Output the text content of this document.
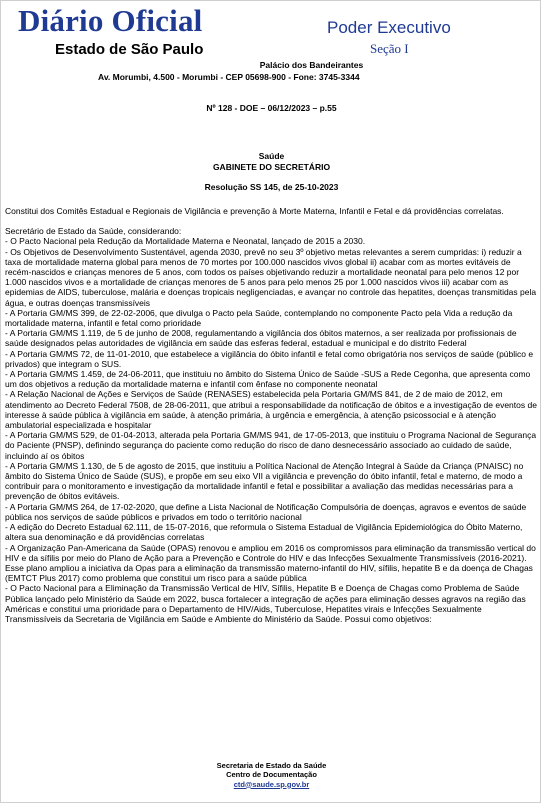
Diário Oficial
Estado de São Paulo
Poder Executivo
Seção I
Palácio dos Bandeirantes
Av. Morumbi, 4.500 - Morumbi - CEP 05698-900 - Fone: 3745-3344
Nº 128 - DOE – 06/12/2023 – p.55
Saúde
GABINETE DO SECRETÁRIO
Resolução SS 145, de 25-10-2023

Constitui dos Comitês Estadual e Regionais de Vigilância e prevenção à Morte Materna, Infantil e Fetal e dá providências correlatas.

Secretário de Estado da Saúde, considerando:

- O Pacto Nacional pela Redução da Mortalidade Materna e Neonatal, lançado de 2015 a 2030.

- Os Objetivos de Desenvolvimento Sustentável, agenda 2030, prevê no seu 3º objetivo metas relevantes a serem cumpridas: i) reduzir a taxa de mortalidade materna global para menos de 70 mortes por 100.000 nascidos vivos global ii) acabar com as mortes evitáveis de recém-nascidos e crianças menores de 5 anos, com todos os países objetivando reduzir a mortalidade neonatal para pelo menos 12 por 1.000 nascidos vivos e a mortalidade de crianças menores de 5 anos para pelo menos 25 por 1.000 nascidos vivos iii) acabar com as epidemias de AIDS, tuberculose, malária e doenças tropicais negligenciadas, e avançar no controle das hepatites, doenças transmitidas pela água, e outras doenças transmissíveis

- A Portaria GM/MS 399, de 22-02-2006, que divulga o Pacto pela Saúde, contemplando no componente Pacto pela Vida a redução da mortalidade materna, infantil e fetal como prioridade

- A Portaria GM/MS 1.119, de 5 de junho de 2008, regulamentando a vigilância dos óbitos maternos, a ser realizada por profissionais de saúde designados pelas autoridades de vigilância em saúde das esferas federal, estadual e municipal e do distrito Federal

- A Portaria GM/MS 72, de 11-01-2010, que estabelece a vigilância do óbito infantil e fetal como obrigatória nos serviços de saúde (público e privados) que integram o SUS.

- A Portaria GM/MS 1.459, de 24-06-2011, que instituiu no âmbito do Sistema Único de Saúde -SUS a Rede Cegonha, que apresenta como um dos objetivos a redução da mortalidade materna e infantil com ênfase no componente neonatal

- A Relação Nacional de Ações e Serviços de Saúde (RENASES) estabelecida pela Portaria GM/MS 841, de 2 de maio de 2012, em atendimento ao Decreto Federal 7508, de 28-06-2011, que atribui a responsabilidade da notificação de óbitos e a investigação de eventos de interesse à saúde pública à vigilância em saúde, à atenção primária, à urgência e emergência, à atenção psicossocial e à atenção ambulatorial especializada e hospitalar

- A Portaria GM/MS 529, de 01-04-2013, alterada pela Portaria GM/MS 941, de 17-05-2013, que instituiu o Programa Nacional de Segurança do Paciente (PNSP), definindo segurança do paciente como redução do risco de dano desnecessário associado ao cuidado de saúde, incluindo aí os óbitos

- A Portaria GM/MS 1.130, de 5 de agosto de 2015, que instituiu a Política Nacional de Atenção Integral à Saúde da Criança (PNAISC) no âmbito do Sistema Único de Saúde (SUS), e propõe em seu eixo VII a vigilância e prevenção do óbito infantil, fetal e materno, de modo a contribuir para o monitoramento e investigação da mortalidade infantil e fetal e possibilitar a avaliação das medidas necessárias para a prevenção de óbitos evitáveis.

- A Portaria GM/MS 264, de 17-02-2020, que define a Lista Nacional de Notificação Compulsória de doenças, agravos e eventos de saúde pública nos serviços de saúde públicos e privados em todo o território nacional

- A edição do Decreto Estadual 62.111, de 15-07-2016, que reformula o Sistema Estadual de Vigilância Epidemiológica do Óbito Materno, altera sua denominação e dá providências correlatas

- A Organização Pan-Americana da Saúde (OPAS) renovou e ampliou em 2016 os compromissos para eliminação da transmissão vertical do HIV e da sífilis por meio do Plano de Ação para a Prevenção e Controle do HIV e das Infecções Sexualmente Transmissíveis (2016-2021). Esse plano ampliou a iniciativa da Opas para a eliminação da transmissão materno-infantil do HIV, sífilis, hepatite B e da doença de Chagas (EMTCT Plus 2017) como problema que constitui um risco para a saúde pública

- O Pacto Nacional para a Eliminação da Transmissão Vertical de HIV, Sífilis, Hepatite B e Doença de Chagas como Problema de Saúde Pública lançado pelo Ministério da Saúde em 2022, busca fortalecer a integração de ações para eliminação desses agravos na região das Américas e constitui uma prioridade para o Departamento de HIV/Aids, Tuberculose, Hepatites virais e Infecções Sexualmente Transmissíveis da Secretaria de Vigilância em Saúde e Ambiente do Ministério da Saúde. Possui como objetivos:

Secretaria de Estado da Saúde
Centro de Documentação
ctd@saude.sp.gov.br
